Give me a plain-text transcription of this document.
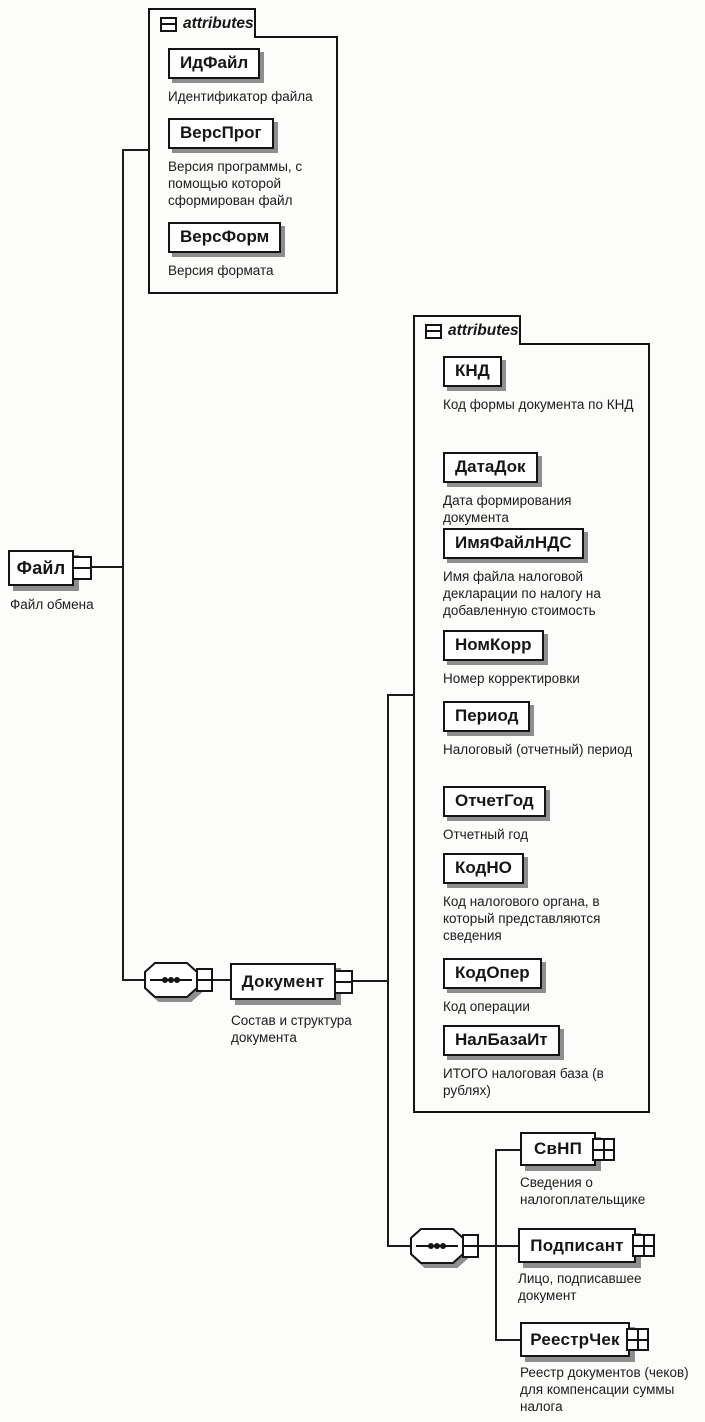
attributes
ИдФайл
Идентификатор файла
ВерсПрог
Версия программы, с помощью которой сформирован файл
ВерсФорм
Версия формата
attributes
КНД
Код формы документа по КНД
ДатаДок
Дата формирования документа
ИмяФайлНДС
Имя файла налоговой декларации по налогу на добавленную стоимость
НомКорр
Номер корректировки
Период
Налоговый (отчетный) период
ОтчетГод
Отчетный год
КодНО
Код налогового органа, в который представляются сведения
КодОпер
Код операции
НалБазаИт
ИТОГО налоговая база (в рублях)
Файл
Файл обмена
Документ
Состав и структура документа
СвНП
Сведения о налогоплательщике
Подписант
Лицо, подписавшее документ
РеестрЧек
Реестр документов (чеков) для компенсации суммы налога
